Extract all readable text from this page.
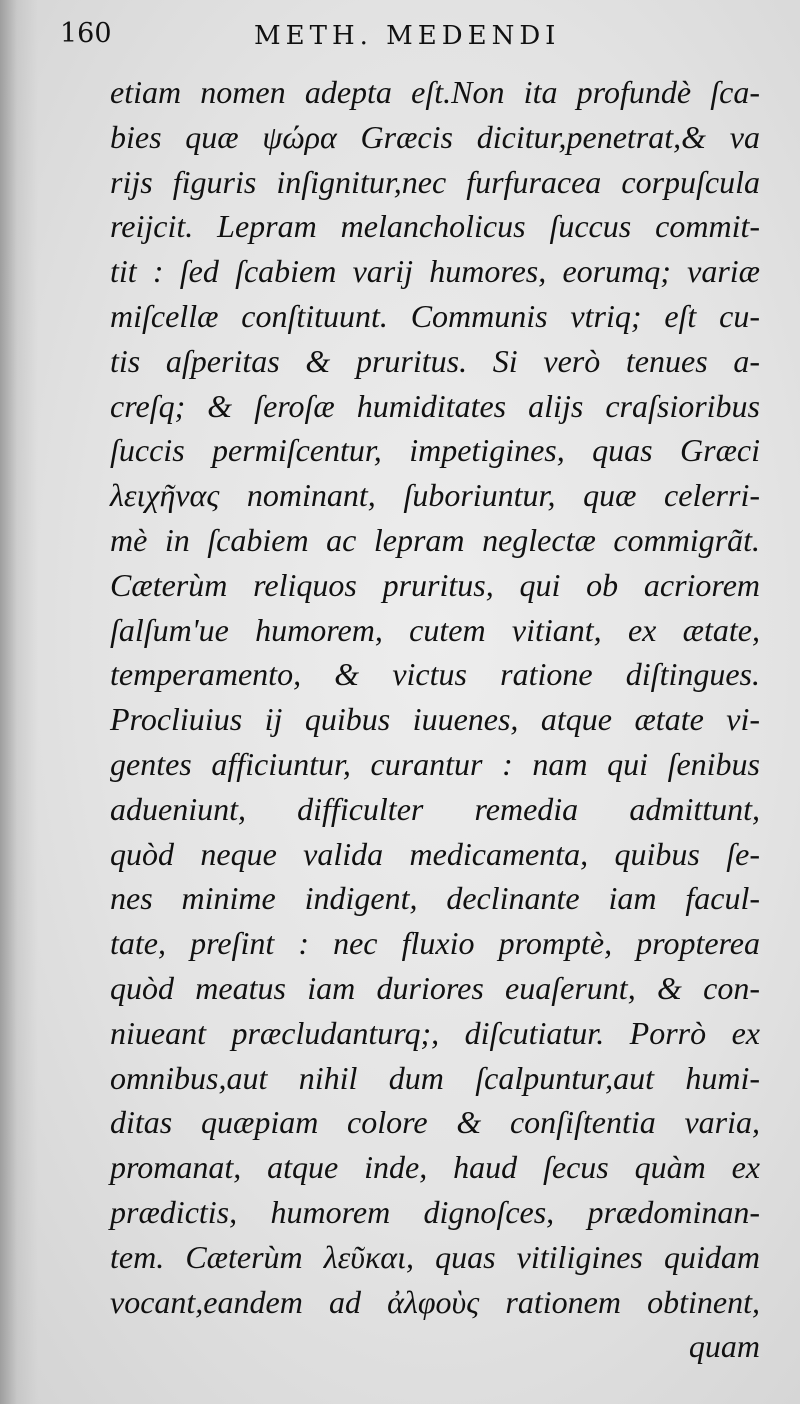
160	METH. MEDENDI
etiam nomen adepta eſt.Non ita profundè ſca-
bies quæ ψώρα Græcis dicitur,penetrat,& va
rijs figuris inſignitur,nec furfuracea corpuſcula
reijcit. Lepram melancholicus ſuccus commit-
tit : ſed ſcabiem varij humores, eorumq; variæ
miſcellæ conſtituunt. Communis vtriq; eſt cu-
tis aſperitas & pruritus. Si verò tenues a-
creſq; & ſeroſæ humiditates alijs craſsioribus
ſuccis permiſcentur, impetigines, quas Græci
λειχῆνας nominant, ſuboriuntur, quæ celerri-
mè in ſcabiem ac lepram neglectæ commigrãt.
Cæterùm reliquos pruritus, qui ob acriorem
ſalſum'ue humorem, cutem vitiant, ex ætate,
temperamento, & victus ratione diſtingues.
Procliuius ij quibus iuuenes, atque ætate vi-
gentes afficiuntur, curantur : nam qui ſenibus
adueniunt, difficulter remedia admittunt,
quòd neque valida medicamenta, quibus ſe-
nes minime indigent, declinante iam facul-
tate, preſint : nec fluxio promptè, propterea
quòd meatus iam duriores euaſerunt, & con-
niueant præcludanturq;, diſcutiatur. Porrò ex
omnibus,aut nihil dum ſcalpuntur,aut humi-
ditas quæpiam colore & conſiſtentia varia,
promanat, atque inde, haud ſecus quàm ex
prædictis, humorem dignoſces, prædominan-
tem. Cæterùm λεῦκαι, quas vitiligines quidam
vocant,eandem ad ἀλφοὺς rationem obtinent,
quam
